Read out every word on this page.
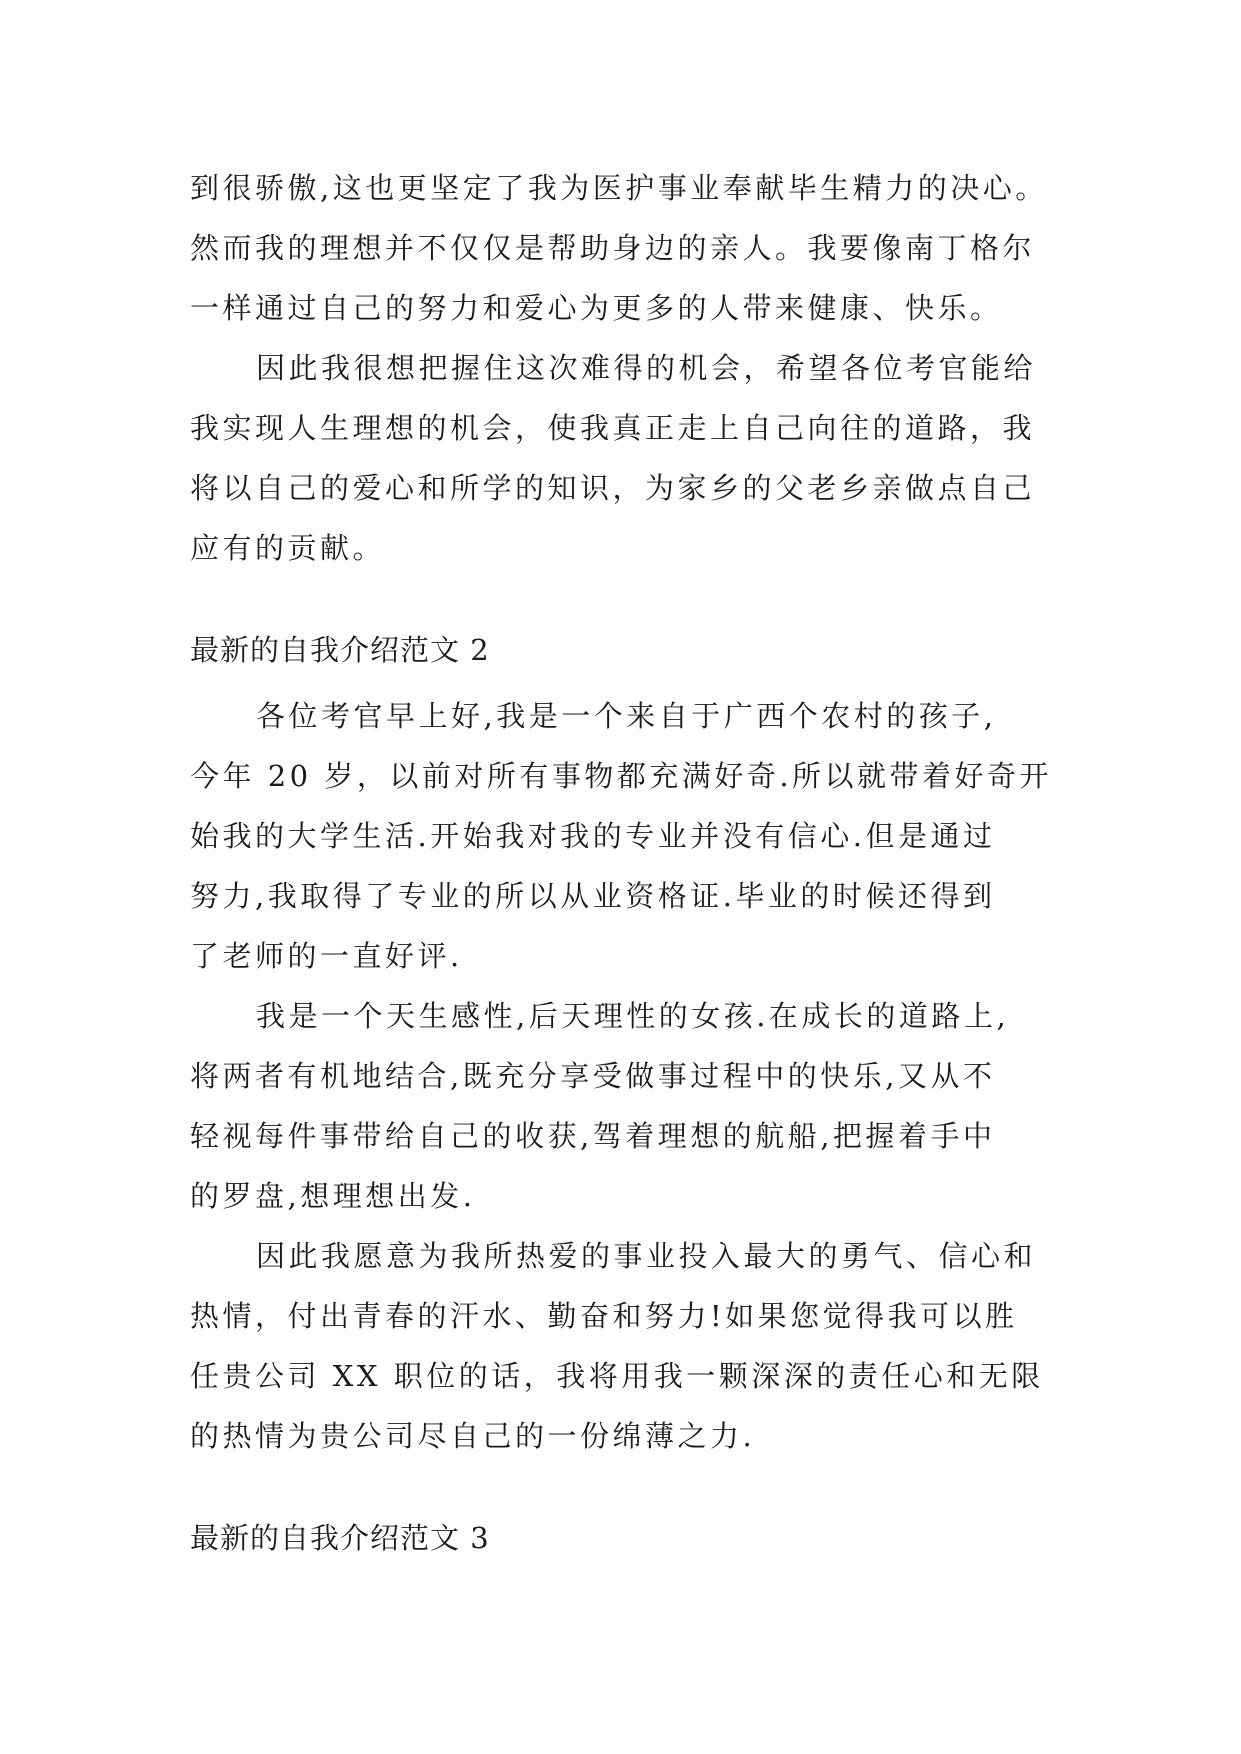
到很骄傲,这也更坚定了我为医护事业奉献毕生精力的决心。
然而我的理想并不仅仅是帮助身边的亲人。我要像南丁格尔
一样通过自己的努力和爱心为更多的人带来健康、快乐。
因此我很想把握住这次难得的机会，希望各位考官能给
我实现人生理想的机会，使我真正走上自己向往的道路，我
将以自己的爱心和所学的知识，为家乡的父老乡亲做点自己
应有的贡献。
最新的自我介绍范文 2
各位考官早上好,我是一个来自于广西个农村的孩子,
今年 20 岁，以前对所有事物都充满好奇.所以就带着好奇开
始我的大学生活.开始我对我的专业并没有信心.但是通过
努力,我取得了专业的所以从业资格证.毕业的时候还得到
了老师的一直好评.
我是一个天生感性,后天理性的女孩.在成长的道路上,
将两者有机地结合,既充分享受做事过程中的快乐,又从不
轻视每件事带给自己的收获,驾着理想的航船,把握着手中
的罗盘,想理想出发.
因此我愿意为我所热爱的事业投入最大的勇气、信心和
热情，付出青春的汗水、勤奋和努力!如果您觉得我可以胜
任贵公司 XX 职位的话，我将用我一颗深深的责任心和无限
的热情为贵公司尽自己的一份绵薄之力.
最新的自我介绍范文 3
